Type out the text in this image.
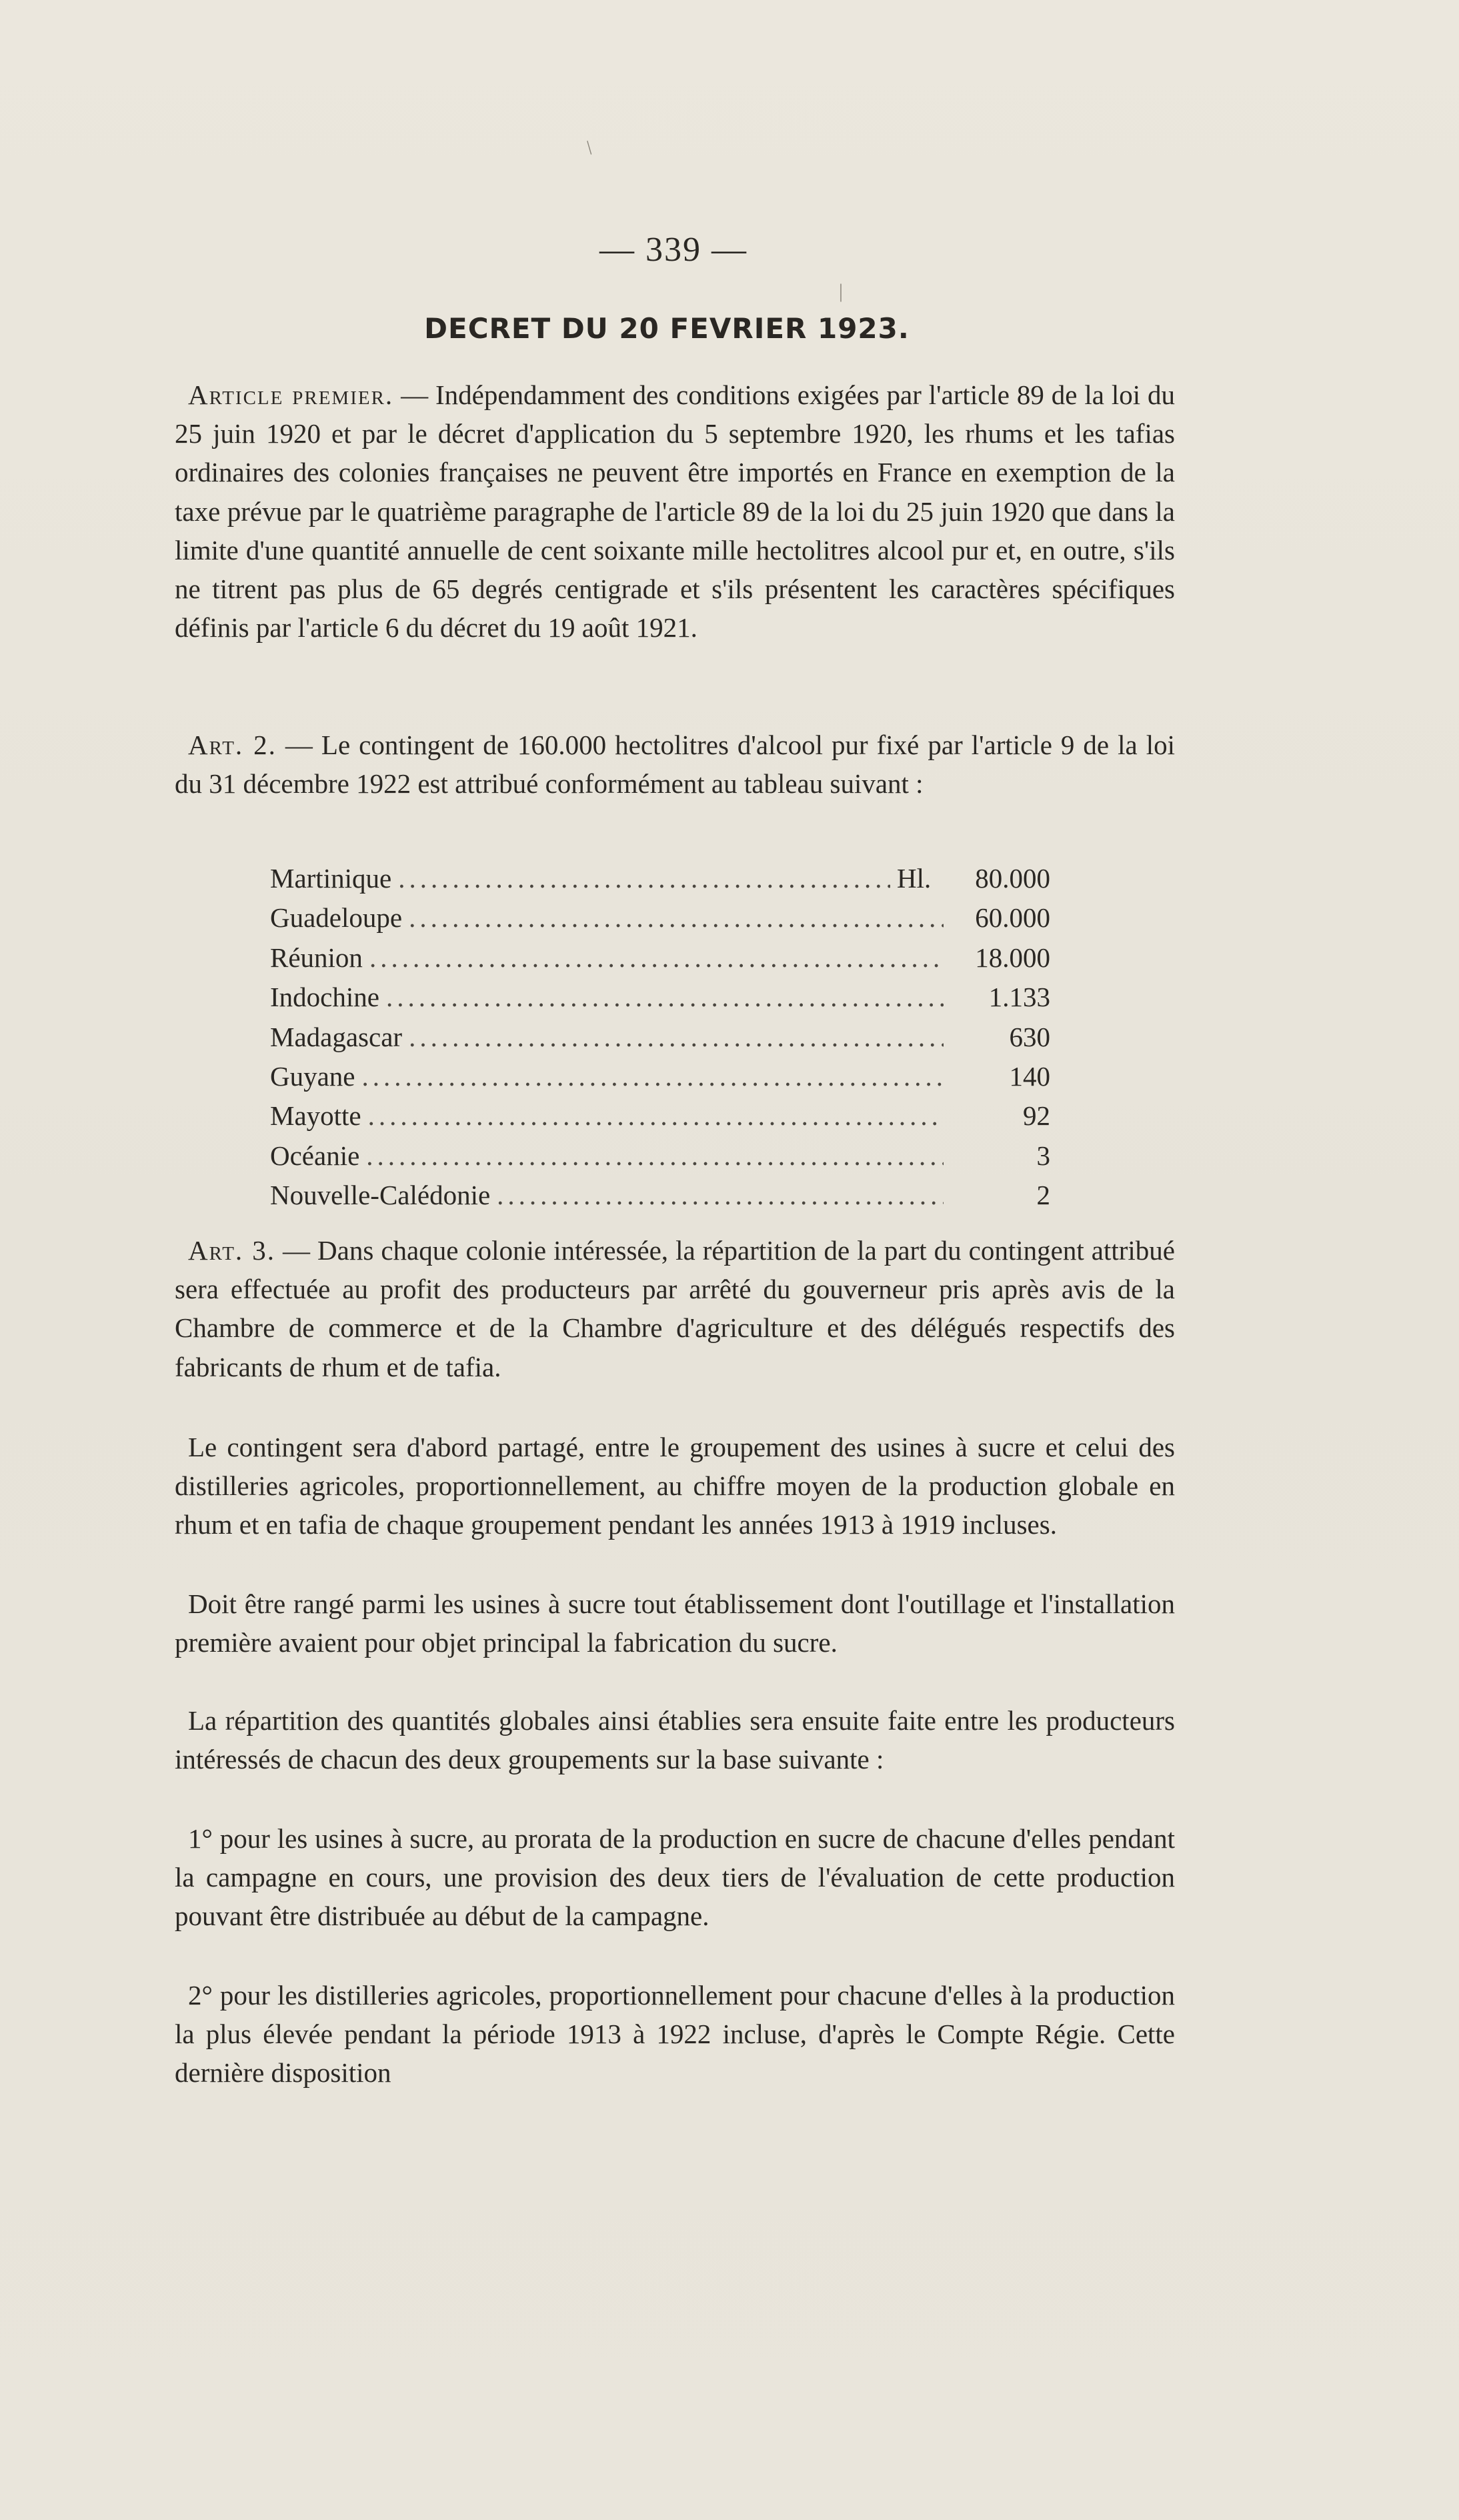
— 339 —
DECRET DU 20 FEVRIER 1923.

Article premier. — Indépendamment des conditions exigées par l'article 89 de la loi du 25 juin 1920 et par le décret d'application du 5 septembre 1920, les rhums et les tafias ordinaires des colonies françaises ne peuvent être importés en France en exemption de la taxe prévue par le quatrième paragraphe de l'article 89 de la loi du 25 juin 1920 que dans la limite d'une quantité annuelle de cent soixante mille hectolitres alcool pur et, en outre, s'ils ne titrent pas plus de 65 degrés centigrade et s'ils présentent les caractères spécifiques définis par l'article 6 du décret du 19 août 1921.

Art. 2. — Le contingent de 160.000 hectolitres d'alcool pur fixé par l'article 9 de la loi du 31 décembre 1922 est attribué conformément au tableau suivant :

Martinique .....	Hl.	80.000
Guadeloupe .....	60.000
Réunion .....	18.000
Indochine .....	1.133
Madagascar .....	630
Guyane .....	140
Mayotte .....	92
Océanie .....	3
Nouvelle-Calédonie .....	2

Art. 3. — Dans chaque colonie intéressée, la répartition de la part du contingent attribué sera effectuée au profit des producteurs par arrêté du gouverneur pris après avis de la Chambre de commerce et de la Chambre d'agriculture et des délégués respectifs des fabricants de rhum et de tafia.

Le contingent sera d'abord partagé, entre le groupement des usines à sucre et celui des distilleries agricoles, proportionnellement, au chiffre moyen de la production globale en rhum et en tafia de chaque groupement pendant les années 1913 à 1919 incluses.

Doit être rangé parmi les usines à sucre tout établissement dont l'outillage et l'installation première avaient pour objet principal la fabrication du sucre.

La répartition des quantités globales ainsi établies sera ensuite faite entre les producteurs intéressés de chacun des deux groupements sur la base suivante :

1° pour les usines à sucre, au prorata de la production en sucre de chacune d'elles pendant la campagne en cours, une provision des deux tiers de l'évaluation de cette production pouvant être distribuée au début de la campagne.

2° pour les distilleries agricoles, proportionnellement pour chacune d'elles à la production la plus élevée pendant la période 1913 à 1922 incluse, d'après le Compte Régie. Cette dernière disposition

/
|
